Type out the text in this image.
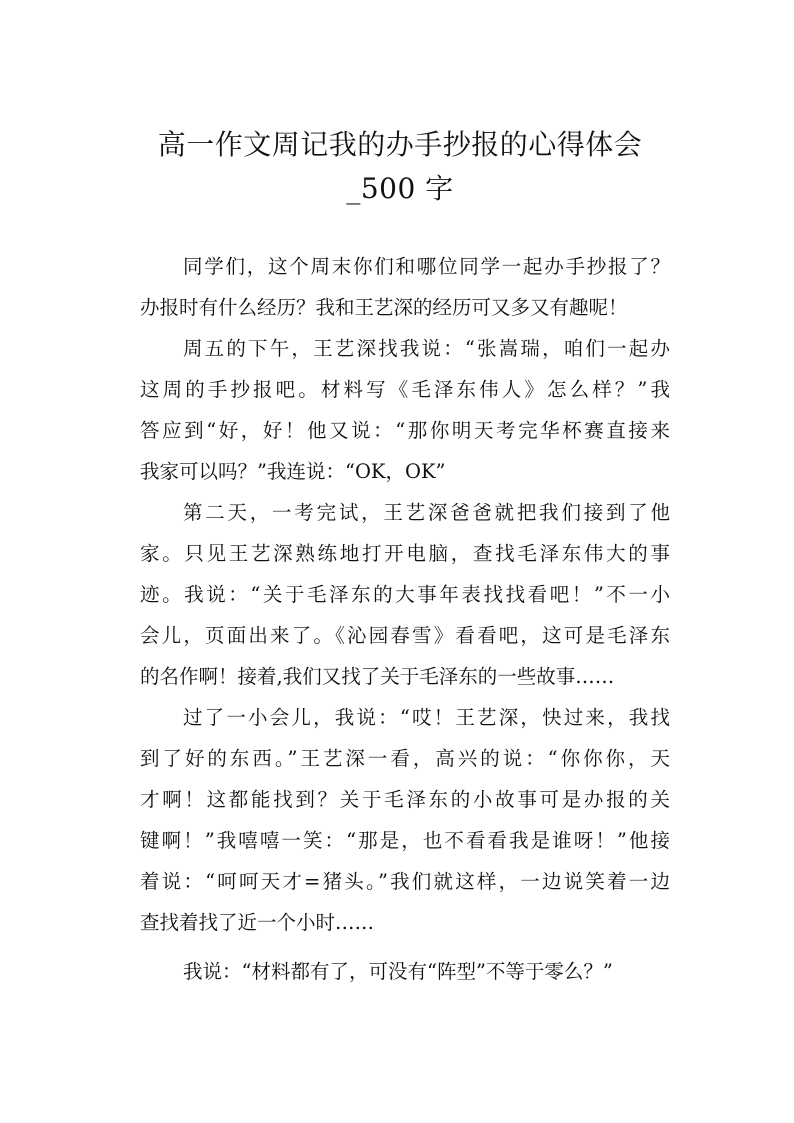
高一作文周记我的办手抄报的心得体会
_500 字
同学们，这个周末你们和哪位同学一起办手抄报了？
办报时有什么经历？我和王艺深的经历可又多又有趣呢！
周五的下午，王艺深找我说：“张嵩瑞，咱们一起办
这周的手抄报吧。材料写《毛泽东伟人》怎么样？”我
答应到“好，好！他又说：“那你明天考完华杯赛直接来
我家可以吗？”我连说：“OK，OK”
第二天，一考完试，王艺深爸爸就把我们接到了他
家。只见王艺深熟练地打开电脑，查找毛泽东伟大的事
迹。我说：“关于毛泽东的大事年表找找看吧！”不一小
会儿，页面出来了。《沁园春雪》看看吧，这可是毛泽东
的名作啊！接着,我们又找了关于毛泽东的一些故事……
过了一小会儿，我说：“哎！王艺深，快过来，我找
到了好的东西。”王艺深一看，高兴的说：“你你你，天
才啊！这都能找到？关于毛泽东的小故事可是办报的关
键啊！”我嘻嘻一笑：“那是，也不看看我是谁呀！”他接
着说：“呵呵天才=猪头。”我们就这样，一边说笑着一边
查找着找了近一个小时……
我说：“材料都有了，可没有“阵型”不等于零么？”
